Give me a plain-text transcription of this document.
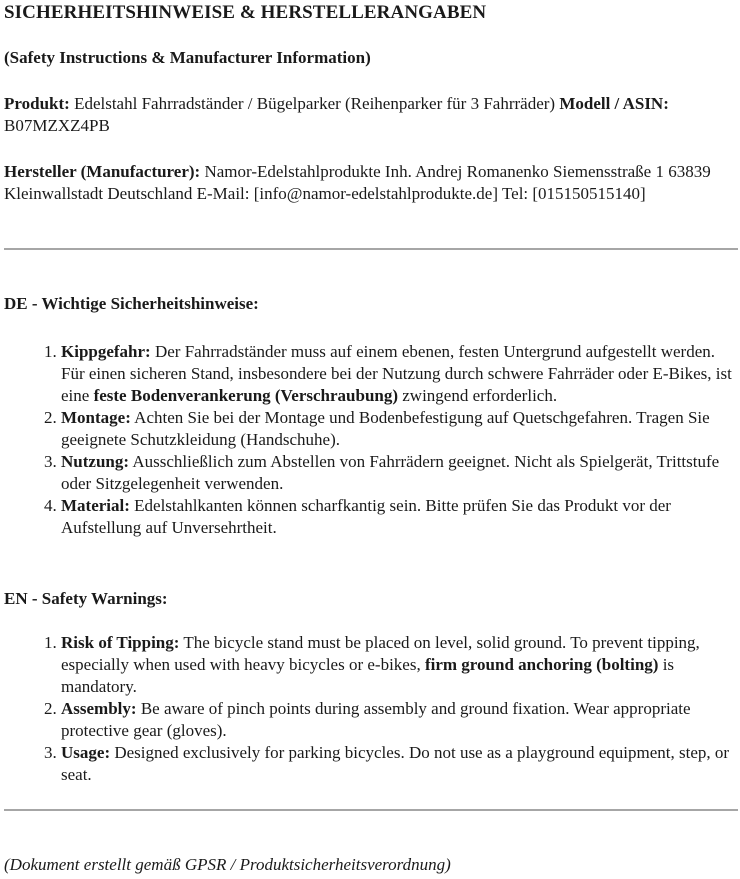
SICHERHEITSHINWEISE & HERSTELLERANGABEN
(Safety Instructions & Manufacturer Information)
Produkt: Edelstahl Fahrradständer / Bügelparker (Reihenparker für 3 Fahrräder) Modell / ASIN: B07MZXZ4PB
Hersteller (Manufacturer): Namor-Edelstahlprodukte Inh. Andrej Romanenko Siemensstraße 1 63839 Kleinwallstadt Deutschland E-Mail: [info@namor-edelstahlprodukte.de] Tel: [015150515140]
DE - Wichtige Sicherheitshinweise:
1. Kippgefahr: Der Fahrradständer muss auf einem ebenen, festen Untergrund aufgestellt werden. Für einen sicheren Stand, insbesondere bei der Nutzung durch schwere Fahrräder oder E-Bikes, ist eine feste Bodenverankerung (Verschraubung) zwingend erforderlich.
2. Montage: Achten Sie bei der Montage und Bodenbefestigung auf Quetschgefahren. Tragen Sie geeignete Schutzkleidung (Handschuhe).
3. Nutzung: Ausschließlich zum Abstellen von Fahrrädern geeignet. Nicht als Spielgerät, Trittstufe oder Sitzgelegenheit verwenden.
4. Material: Edelstahlkanten können scharfkantig sein. Bitte prüfen Sie das Produkt vor der Aufstellung auf Unversehrtheit.
EN - Safety Warnings:
1. Risk of Tipping: The bicycle stand must be placed on level, solid ground. To prevent tipping, especially when used with heavy bicycles or e-bikes, firm ground anchoring (bolting) is mandatory.
2. Assembly: Be aware of pinch points during assembly and ground fixation. Wear appropriate protective gear (gloves).
3. Usage: Designed exclusively for parking bicycles. Do not use as a playground equipment, step, or seat.
(Dokument erstellt gemäß GPSR / Produktsicherheitsverordnung)
